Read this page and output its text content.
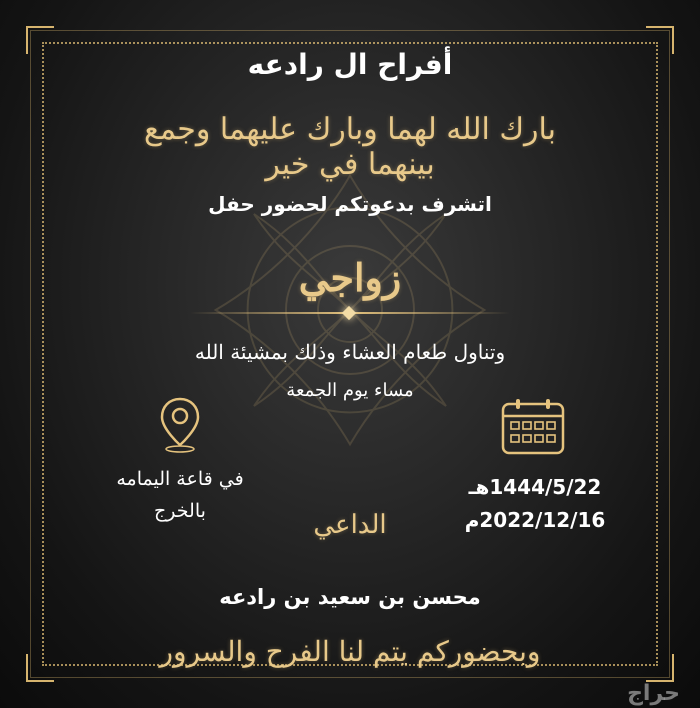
أفراح ال رادعه
بارك الله لهما وبارك عليهما وجمع بينهما في خير
اتشرف بدعوتكم لحضور حفل
زواجي
وتناول طعام العشاء وذلك بمشيئة الله
مساء يوم الجمعة
في قاعة اليمامه
بالخرج
1444/5/22هـ
2022/12/16م
الداعي
محسن بن سعيد بن رادعه
وبحضوركم يتم لنا الفرح والسرور
حراج
